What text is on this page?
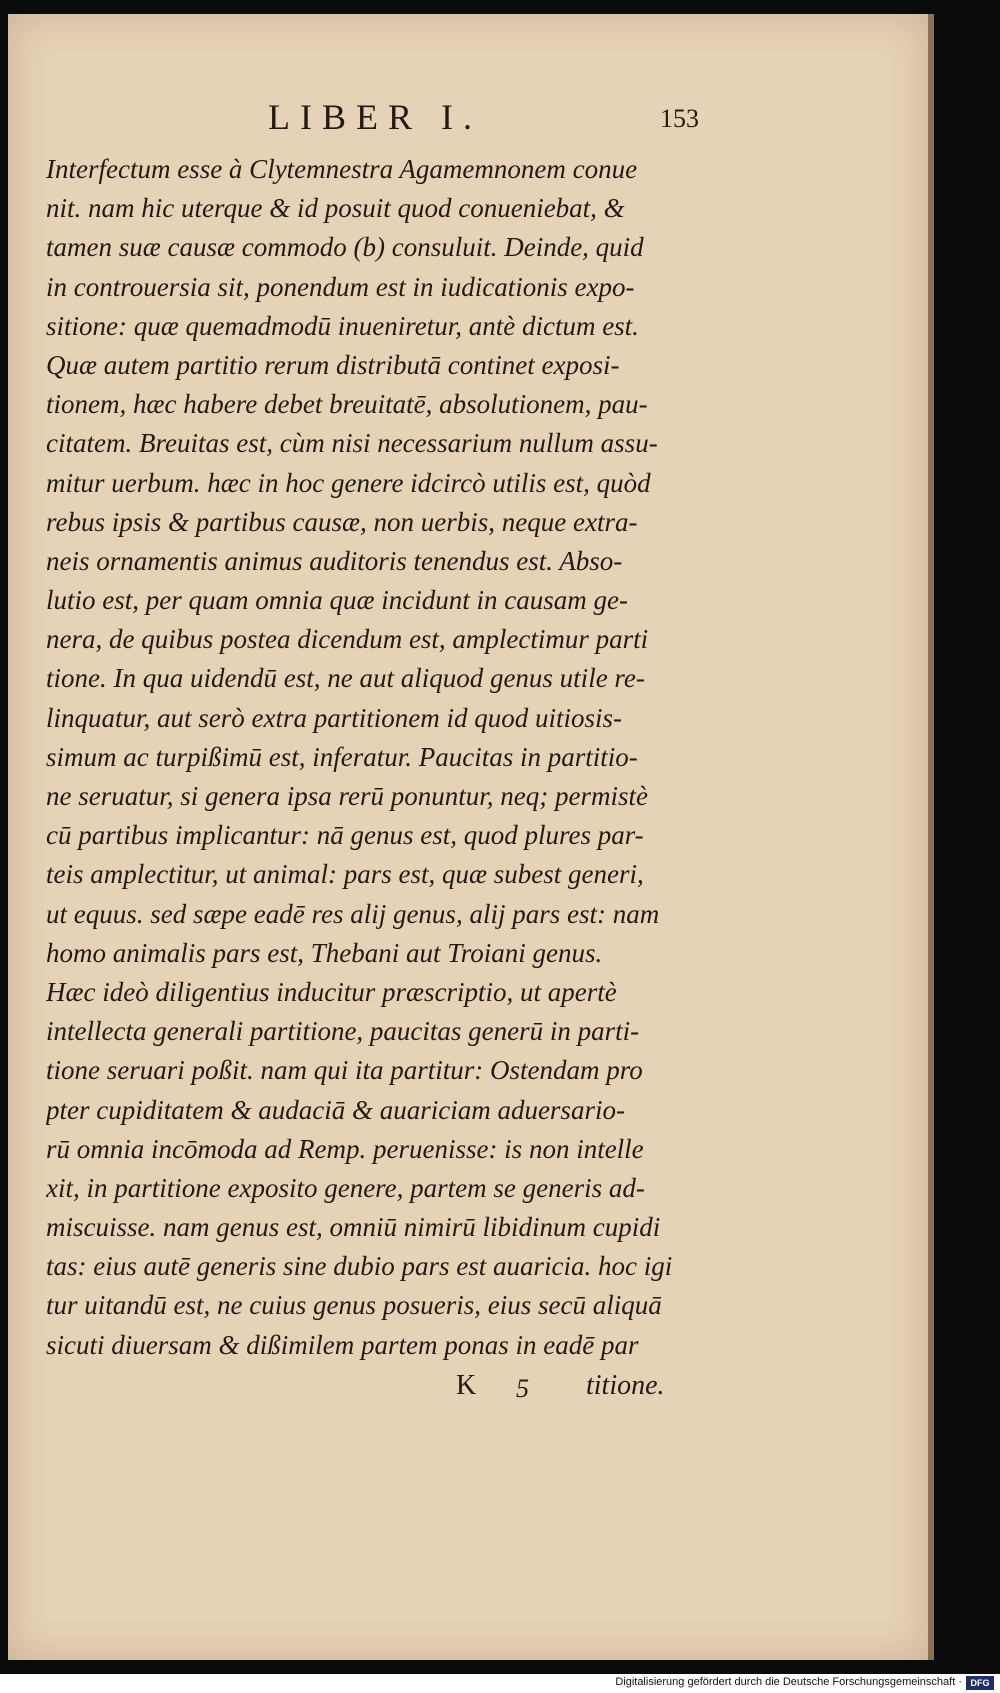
LIBER I.	153
Interfectum esse à Clytemnestra Agamemnonem conue
nit. nam hic uterque & id posuit quod conueniebat, &
tamen suæ causæ commodo (b) consuluit. Deinde, quid
in controuersia sit, ponendum est in iudicationis expo-
sitione: quæ quemadmodū inueniretur, antè dictum est.
Quæ autem partitio rerum distributā continet exposi-
tionem, hæc habere debet breuitatē, absolutionem, pau-
citatem. Breuitas est, cùm nisi necessarium nullum assu-
mitur uerbum. hæc in hoc genere idcircò utilis est, quòd
rebus ipsis & partibus causæ, non uerbis, neque extra-
neis ornamentis animus auditoris tenendus est. Abso-
lutio est, per quam omnia quæ incidunt in causam ge-
nera, de quibus postea dicendum est, amplectimur parti
tione. In qua uidendū est, ne aut aliquod genus utile re-
linquatur, aut serò extra partitionem id quod uitiosis-
simum ac turpißimū est, inferatur. Paucitas in partitio-
ne seruatur, si genera ipsa rerū ponuntur, neq; permistè
cū partibus implicantur: nā genus est, quod plures par-
teis amplectitur, ut animal: pars est, quæ subest generi,
ut equus. sed sæpe eadē res alij genus, alij pars est: nam
homo animalis pars est, Thebani aut Troiani genus.
Hæc ideò diligentius inducitur præscriptio, ut apertè
intellecta generali partitione, paucitas generū in parti-
tione seruari poßit. nam qui ita partitur: Ostendam pro
pter cupiditatem & audaciā & auariciam aduersario-
rū omnia incōmoda ad Remp. peruenisse: is non intelle
xit, in partitione exposito genere, partem se generis ad-
miscuisse. nam genus est, omniū nimirū libidinum cupidi
tas: eius autē generis sine dubio pars est auaricia. hoc igi
tur uitandū est, ne cuius genus posueris, eius secū aliquā
sicuti diuersam & dißimilem partem ponas in eadē par
K 5 titione.
Digitalisierung gefördert durch die Deutsche Forschungsgemeinschaft · DFG
